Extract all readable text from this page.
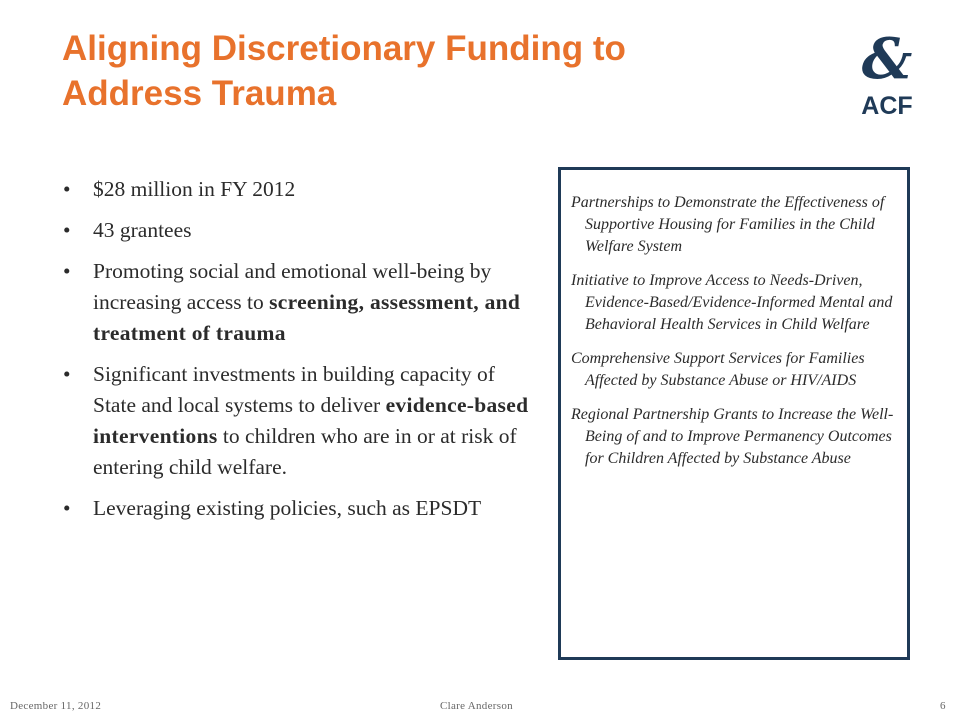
Aligning Discretionary Funding to
Address Trauma
&
ACF
• $28 million in FY 2012
• 43 grantees
• Promoting social and emotional well-being by increasing access to screening, assessment, and treatment of trauma
• Significant investments in building capacity of State and local systems to deliver evidence-based interventions to children who are in or at risk of entering child welfare.
• Leveraging existing policies, such as EPSDT

Partnerships to Demonstrate the Effectiveness of Supportive Housing for Families in the Child Welfare System

Initiative to Improve Access to Needs-Driven, Evidence-Based/Evidence-Informed Mental and Behavioral Health Services in Child Welfare

Comprehensive Support Services for Families Affected by Substance Abuse or HIV/AIDS

Regional Partnership Grants to Increase the Well-Being of and to Improve Permanency Outcomes for Children Affected by Substance Abuse

December 11, 2012	Clare Anderson	6
